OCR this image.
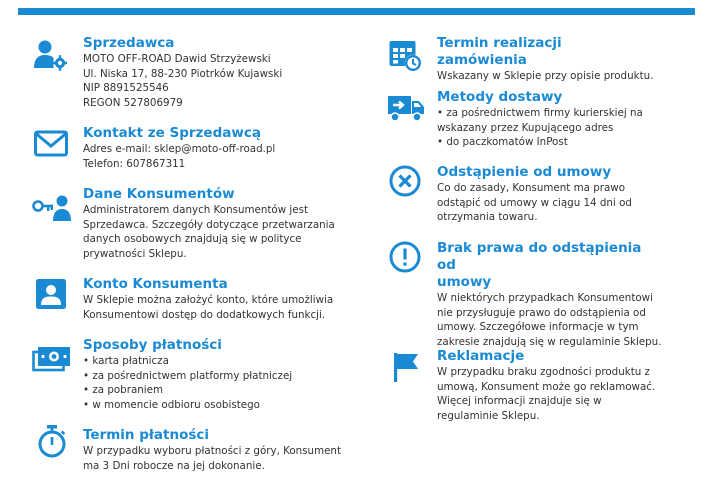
Sprzedawca

MOTO OFF-ROAD Dawid Strzyżewski

Ul. Niska 17, 88-230 Piotrków Kujawski

NIP 8891525546

REGON 527806979

Kontakt ze Sprzedawcą

Adres e-mail: sklep@moto-off-road.pl

Telefon: 607867311

Dane Konsumentów

Administratorem danych Konsumentów jest

Sprzedawca. Szczegóły dotyczące przetwarzania

danych osobowych znajdują się w polityce

prywatności Sklepu.

Konto Konsumenta

W Sklepie można założyć konto, które umożliwia

Konsumentowi dostęp do dodatkowych funkcji.

Sposoby płatności

• karta płatnicza

• za pośrednictwem platformy płatniczej

• za pobraniem

• w momencie odbioru osobistego

Termin płatności

W przypadku wyboru płatności z góry, Konsument

ma 3 Dni robocze na jej dokonanie.

Termin realizacji zamówienia

Wskazany w Sklepie przy opisie produktu.

Metody dostawy

• za pośrednictwem firmy kurierskiej na

wskazany przez Kupującego adres

• do paczkomatów InPost

Odstąpienie od umowy

Co do zasady, Konsument ma prawo

odstąpić od umowy w ciągu 14 dni od

otrzymania towaru.

Brak prawa do odstąpienia od

umowy

W niektórych przypadkach Konsumentowi

nie przysługuje prawo do odstąpienia od

umowy. Szczegółowe informacje w tym

zakresie znajdują się w regulaminie Sklepu.

Reklamacje

W przypadku braku zgodności produktu z

umową, Konsument może go reklamować.

Więcej informacji znajduje się w

regulaminie Sklepu.
